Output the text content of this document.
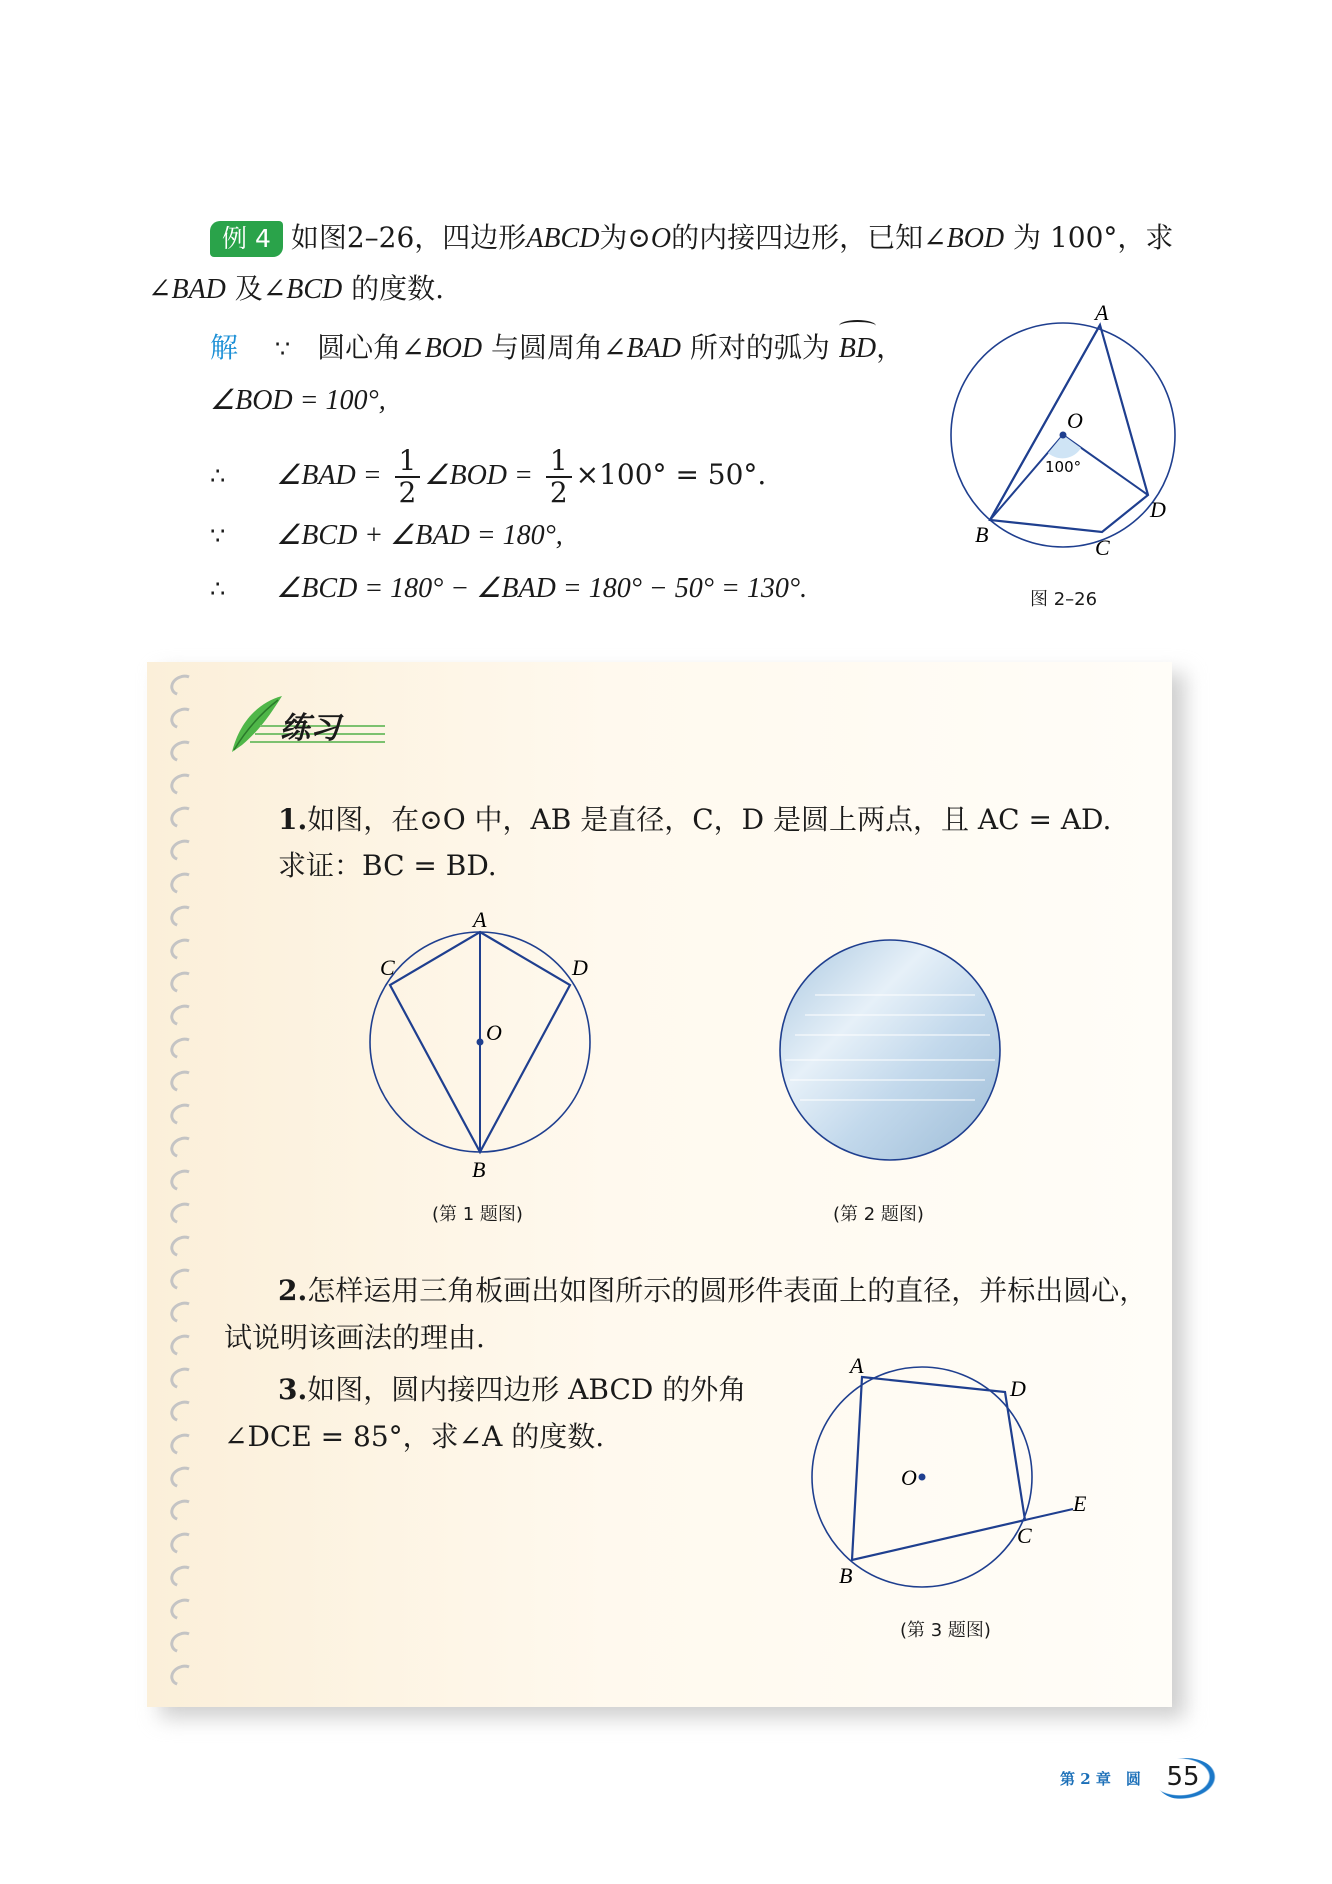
例 4 如图2–26，四边形ABCD为⊙O的内接四边形，已知∠BOD 为 100°，求
∠BAD 及∠BCD 的度数.
解 ∵ 圆心角∠BOD 与圆周角∠BAD 所对的弧为 BD，
∠BOD = 100°,
∴ ∠BAD = $\frac{1}{2}$ ∠BOD = $\frac{1}{2} \times 100^\circ = 50^\circ$.
∵ ∠BCD + ∠BAD = 180°,
∴ ∠BCD = 180° − ∠BAD = 180° − 50° = 130°.
A
O
100°
D
B
C
图 2–26
练习
1.如图，在⊙O 中，AB 是直径，C，D 是圆上两点，且 AC = AD.
求证：BC = BD.
A
C	D
O
B
(第 1 题图)	(第 2 题图)
2.怎样运用三角板画出如图所示的圆形件表面上的直径，并标出圆心，
试说明该画法的理由.
3.如图，圆内接四边形 ABCD 的外角
∠DCE = 85°，求∠A 的度数.
A
D
O
E
C
B
(第 3 题图)
第 2 章　圆 55
